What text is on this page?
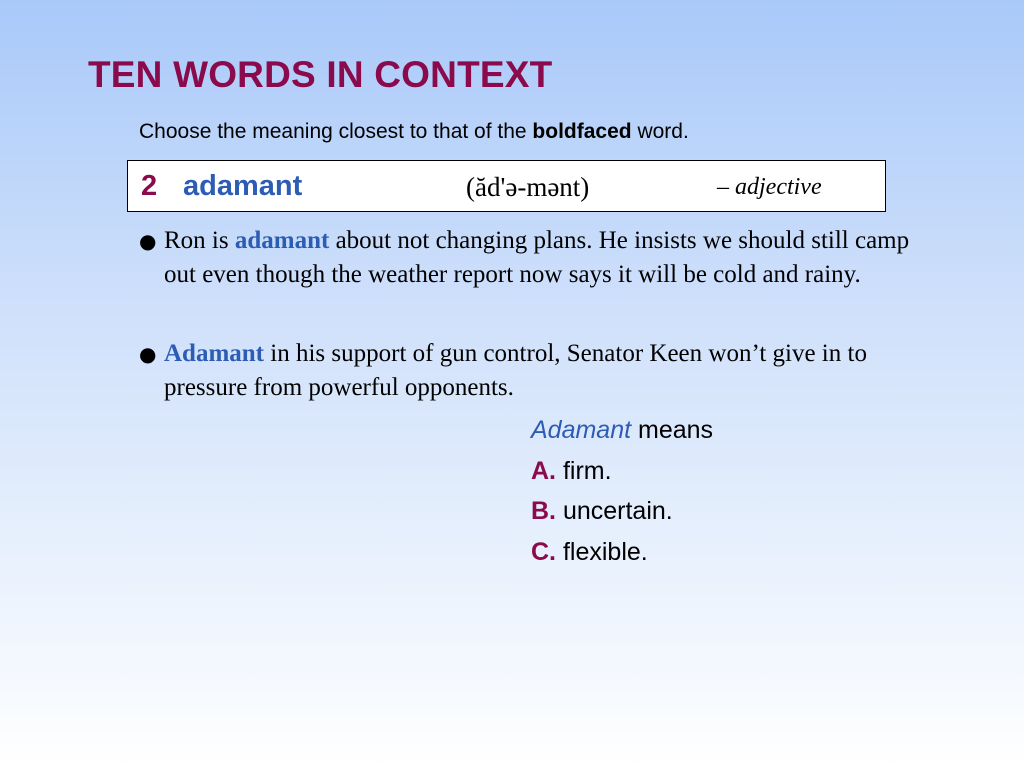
TEN WORDS IN CONTEXT
Choose the meaning closest to that of the boldfaced word.
2 adamant	(ăd'ə-mənt)	– adjective
● Ron is adamant about not changing plans. He insists we should still camp out even though the weather report now says it will be cold and rainy.
● Adamant in his support of gun control, Senator Keen won’t give in to pressure from powerful opponents.
Adamant means
A. firm.
B. uncertain.
C. flexible.
